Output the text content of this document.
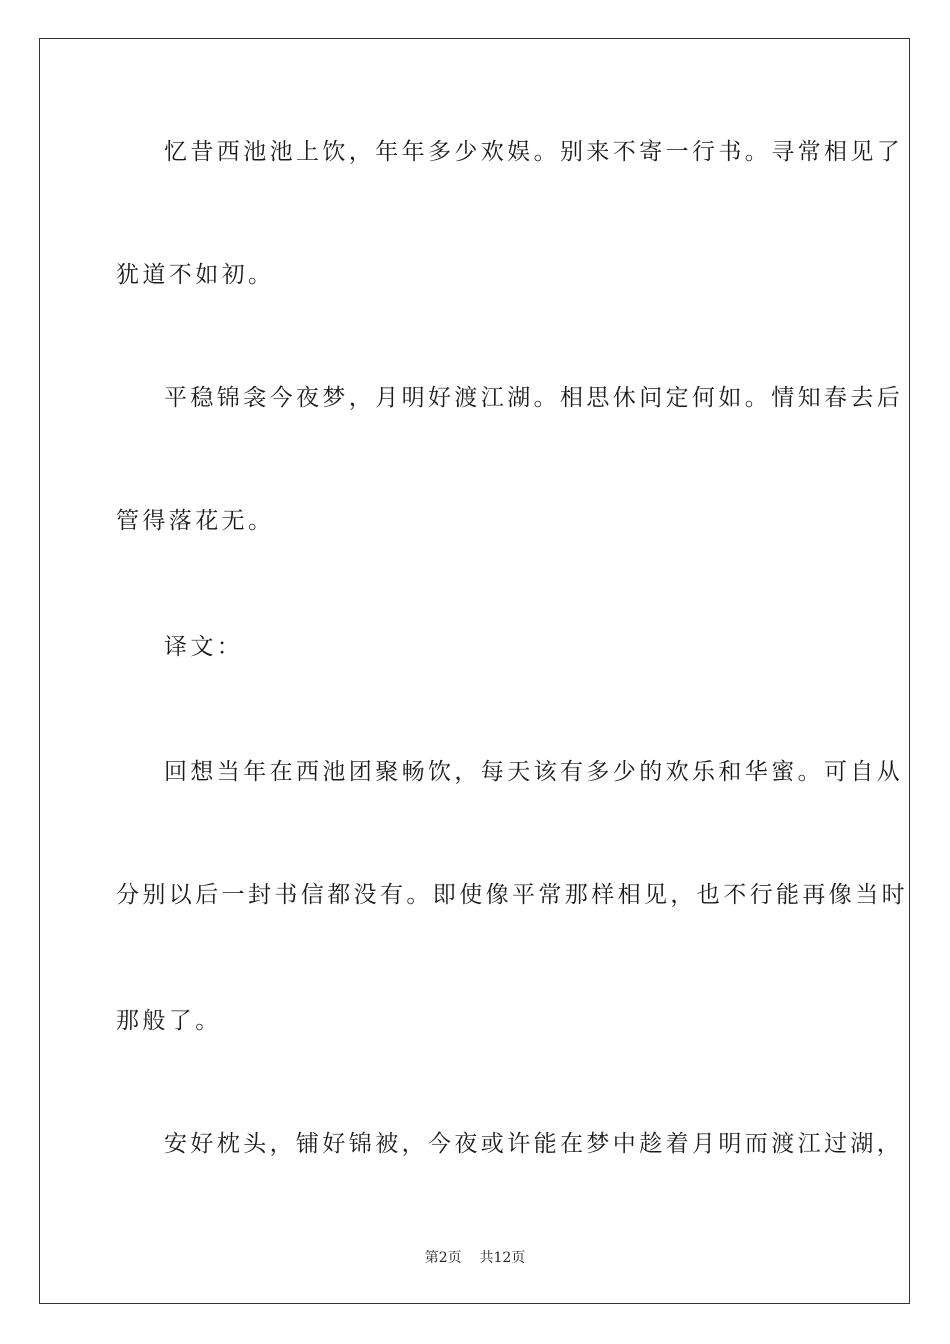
忆昔西池池上饮，年年多少欢娱。别来不寄一行书。寻常相见了
犹道不如初。
平稳锦衾今夜梦，月明好渡江湖。相思休问定何如。情知春去后
管得落花无。
译文：
回想当年在西池团聚畅饮，每天该有多少的欢乐和华蜜。可自从
分别以后一封书信都没有。即使像平常那样相见，也不行能再像当时
那般了。
安好枕头，铺好锦被，今夜或许能在梦中趁着月明而渡江过湖，
第2页    共12页
